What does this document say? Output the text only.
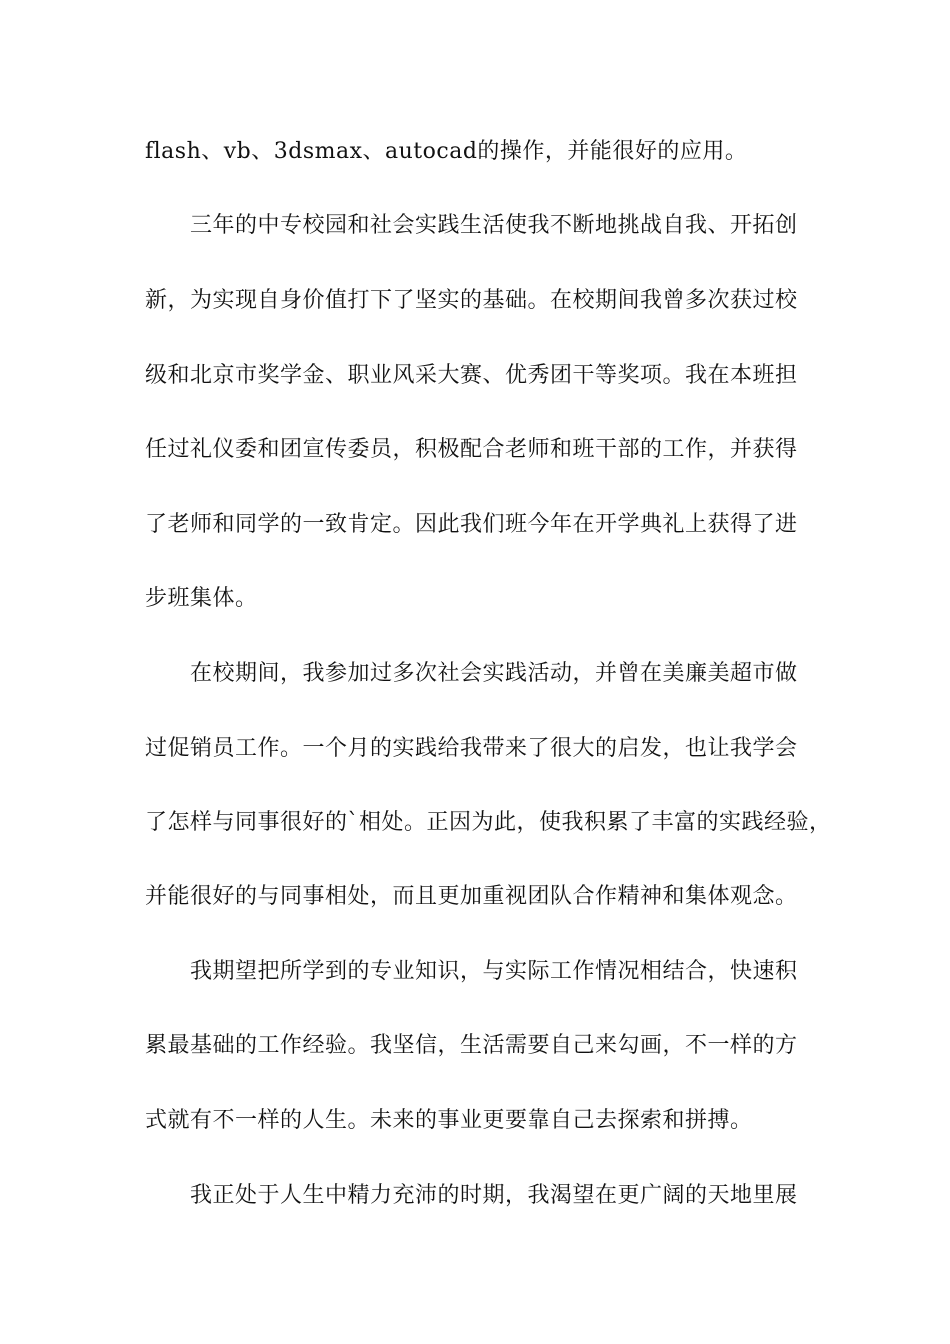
flash、vb、3dsmax、autocad的操作，并能很好的应用。
三年的中专校园和社会实践生活使我不断地挑战自我、开拓创
新，为实现自身价值打下了坚实的基础。在校期间我曾多次获过校
级和北京市奖学金、职业风采大赛、优秀团干等奖项。我在本班担
任过礼仪委和团宣传委员，积极配合老师和班干部的工作，并获得
了老师和同学的一致肯定。因此我们班今年在开学典礼上获得了进
步班集体。
在校期间，我参加过多次社会实践活动，并曾在美廉美超市做
过促销员工作。一个月的实践给我带来了很大的启发，也让我学会
了怎样与同事很好的`相处。正因为此，使我积累了丰富的实践经验，
并能很好的与同事相处，而且更加重视团队合作精神和集体观念。
我期望把所学到的专业知识，与实际工作情况相结合，快速积
累最基础的工作经验。我坚信，生活需要自己来勾画，不一样的方
式就有不一样的人生。未来的事业更要靠自己去探索和拼搏。
我正处于人生中精力充沛的时期，我渴望在更广阔的天地里展
